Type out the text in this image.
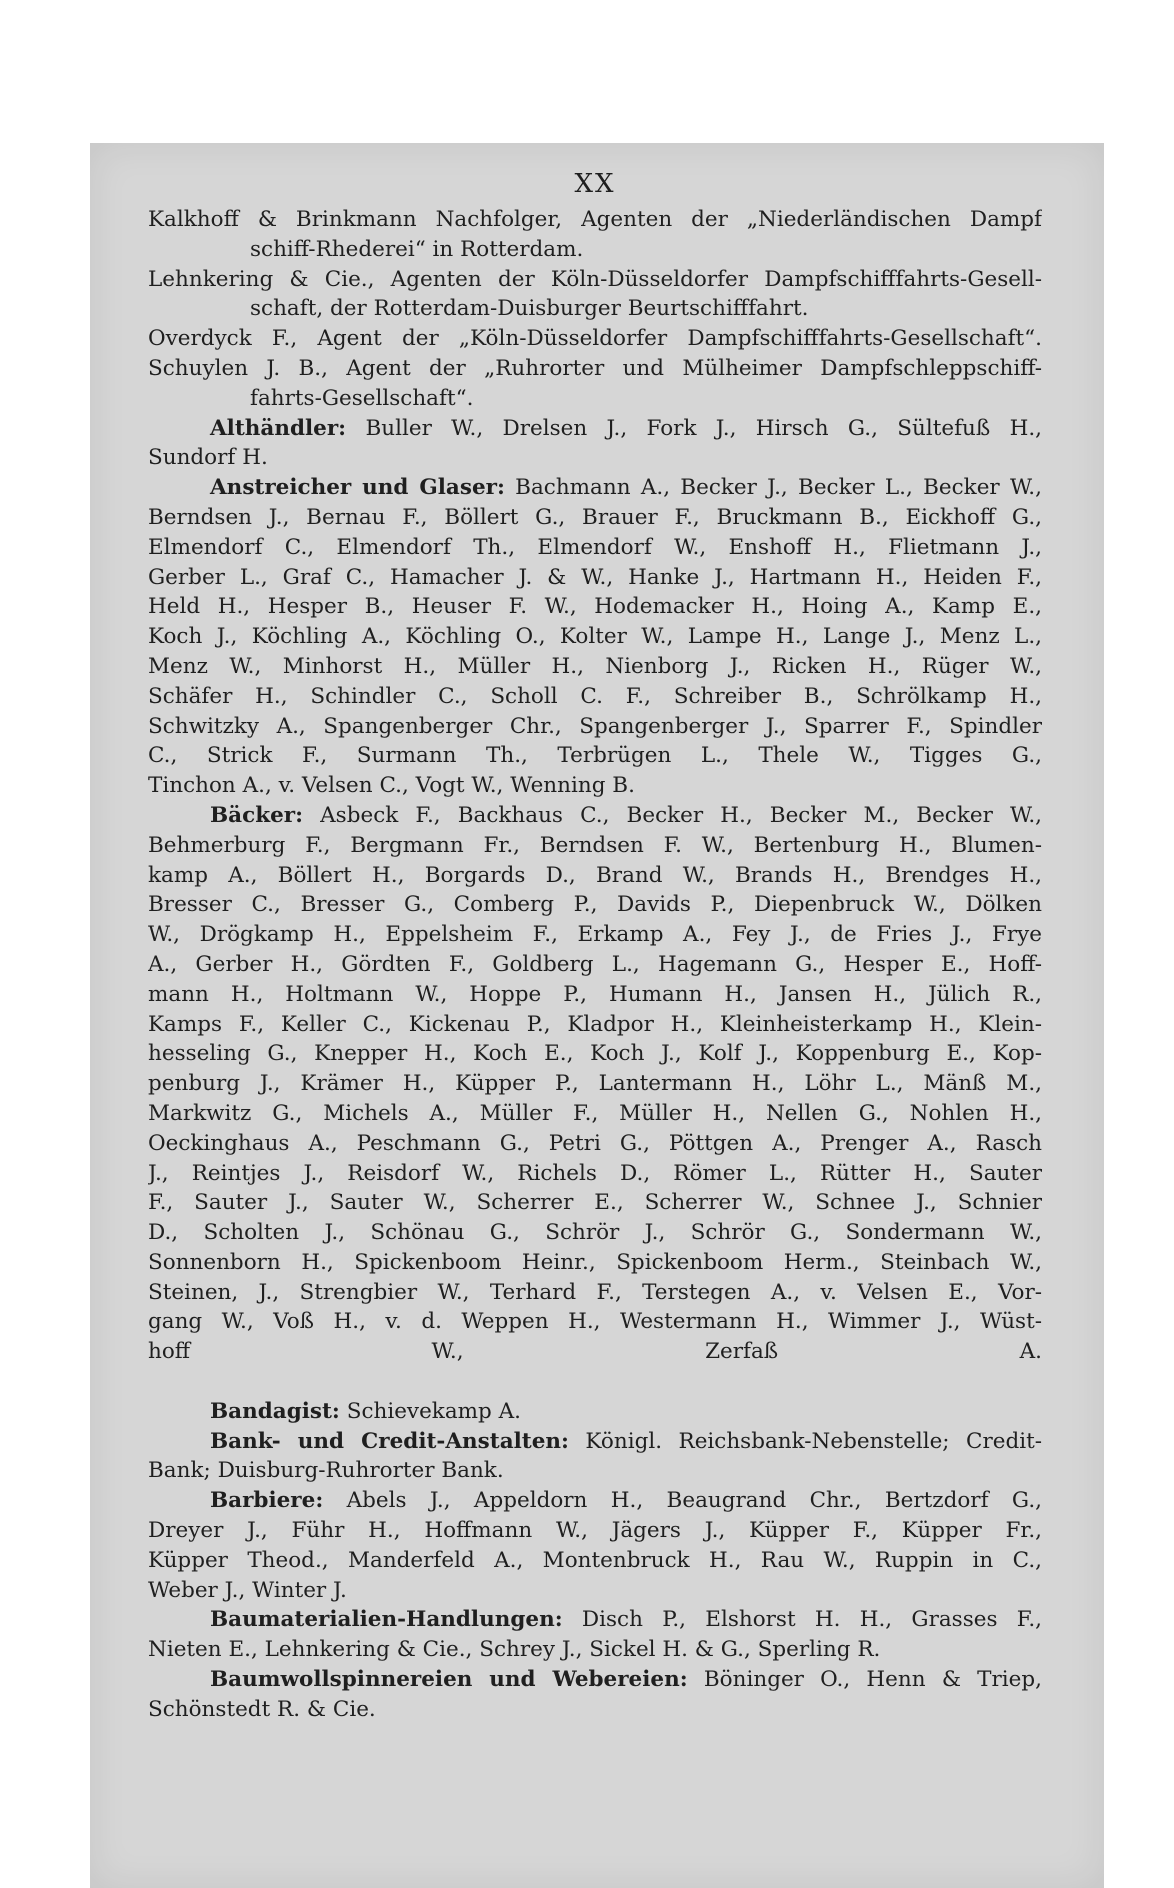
XX
Kalkhoff & Brinkmann Nachfolger, Agenten der „Niederländischen Dampf
schiff-Rhederei“ in Rotterdam.
Lehnkering & Cie., Agenten der Köln-Düsseldorfer Dampfschifffahrts-Gesell-
schaft, der Rotterdam-Duisburger Beurtschifffahrt.
Overdyck F., Agent der „Köln-Düsseldorfer Dampfschifffahrts-Gesellschaft“.
Schuylen J. B., Agent der „Ruhrorter und Mülheimer Dampfschleppschiff-
fahrts-Gesellschaft“.
Althändler: Buller W., Drelsen J., Fork J., Hirsch G., Sültefuß H.,
Sundorf H.
Anstreicher und Glaser: Bachmann A., Becker J., Becker L., Becker W.,
Berndsen J., Bernau F., Böllert G., Brauer F., Bruckmann B., Eickhoff G.,
Elmendorf C., Elmendorf Th., Elmendorf W., Enshoff H., Flietmann J.,
Gerber L., Graf C., Hamacher J. & W., Hanke J., Hartmann H., Heiden F.,
Held H., Hesper B., Heuser F. W., Hodemacker H., Hoing A., Kamp E.,
Koch J., Köchling A., Köchling O., Kolter W., Lampe H., Lange J., Menz L.,
Menz W., Minhorst H., Müller H., Nienborg J., Ricken H., Rüger W.,
Schäfer H., Schindler C., Scholl C. F., Schreiber B., Schrölkamp H.,
Schwitzky A., Spangenberger Chr., Spangenberger J., Sparrer F., Spindler
C., Strick F., Surmann Th., Terbrügen L., Thele W., Tigges G.,
Tinchon A., v. Velsen C., Vogt W., Wenning B.
Bäcker: Asbeck F., Backhaus C., Becker H., Becker M., Becker W.,
Behmerburg F., Bergmann Fr., Berndsen F. W., Bertenburg H., Blumen-
kamp A., Böllert H., Borgards D., Brand W., Brands H., Brendges H.,
Bresser C., Bresser G., Comberg P., Davids P., Diepenbruck W., Dölken
W., Drögkamp H., Eppelsheim F., Erkamp A., Fey J., de Fries J., Frye
A., Gerber H., Gördten F., Goldberg L., Hagemann G., Hesper E., Hoff-
mann H., Holtmann W., Hoppe P., Humann H., Jansen H., Jülich R.,
Kamps F., Keller C., Kickenau P., Kladpor H., Kleinheisterkamp H., Klein-
hesseling G., Knepper H., Koch E., Koch J., Kolf J., Koppenburg E., Kop-
penburg J., Krämer H., Küpper P., Lantermann H., Löhr L., Mänß M.,
Markwitz G., Michels A., Müller F., Müller H., Nellen G., Nohlen H.,
Oeckinghaus A., Peschmann G., Petri G., Pöttgen A., Prenger A., Rasch
J., Reintjes J., Reisdorf W., Richels D., Römer L., Rütter H., Sauter
F., Sauter J., Sauter W., Scherrer E., Scherrer W., Schnee J., Schnier
D., Scholten J., Schönau G., Schrör J., Schrör G., Sondermann W.,
Sonnenborn H., Spickenboom Heinr., Spickenboom Herm., Steinbach W.,
Steinen, J., Strengbier W., Terhard F., Terstegen A., v. Velsen E., Vor-
gang W., Voß H., v. d. Weppen H., Westermann H., Wimmer J., Wüst-
hoff W., Zerfaß A.
Bandagist: Schievekamp A.
Bank- und Credit-Anstalten: Königl. Reichsbank-Nebenstelle; Credit-
Bank; Duisburg-Ruhrorter Bank.
Barbiere: Abels J., Appeldorn H., Beaugrand Chr., Bertzdorf G.,
Dreyer J., Führ H., Hoffmann W., Jägers J., Küpper F., Küpper Fr.,
Küpper Theod., Manderfeld A., Montenbruck H., Rau W., Ruppin in C.,
Weber J., Winter J.
Baumaterialien-Handlungen: Disch P., Elshorst H. H., Grasses F.,
Nieten E., Lehnkering & Cie., Schrey J., Sickel H. & G., Sperling R.
Baumwollspinnereien und Webereien: Böninger O., Henn & Triep,
Schönstedt R. & Cie.
